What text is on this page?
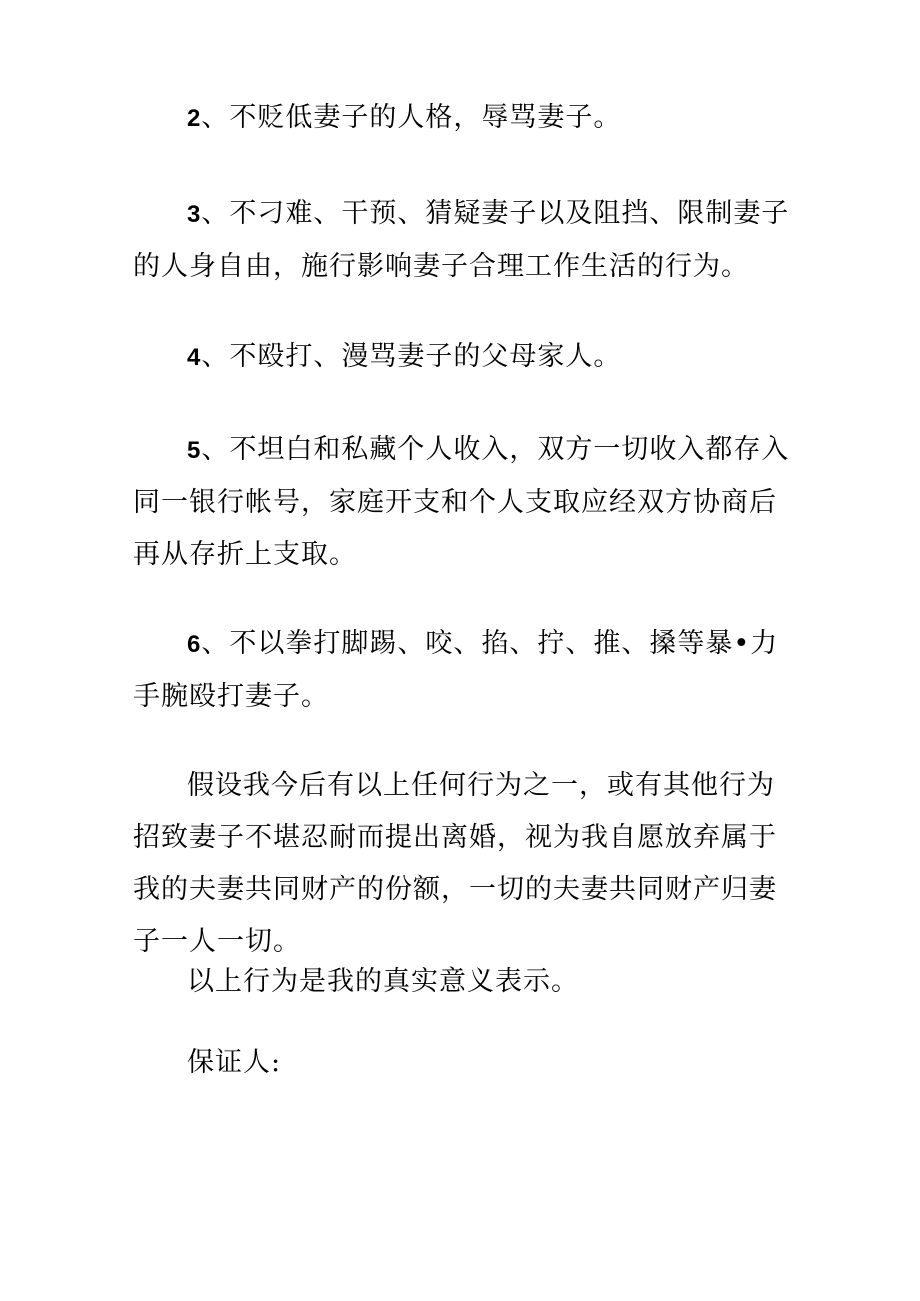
2、不贬低妻子的人格，辱骂妻子。

3、不刁难、干预、猜疑妻子以及阻挡、限制妻子的人身自由，施行影响妻子合理工作生活的行为。

4、不殴打、漫骂妻子的父母家人。

5、不坦白和私藏个人收入，双方一切收入都存入同一银行帐号，家庭开支和个人支取应经双方协商后再从存折上支取。

6、不以拳打脚踢、咬、掐、拧、推、搡等暴•力手腕殴打妻子。

假设我今后有以上任何行为之一，或有其他行为招致妻子不堪忍耐而提出离婚，视为我自愿放弃属于我的夫妻共同财产的份额，一切的夫妻共同财产归妻子一人一切。

以上行为是我的真实意义表示。

保证人:
